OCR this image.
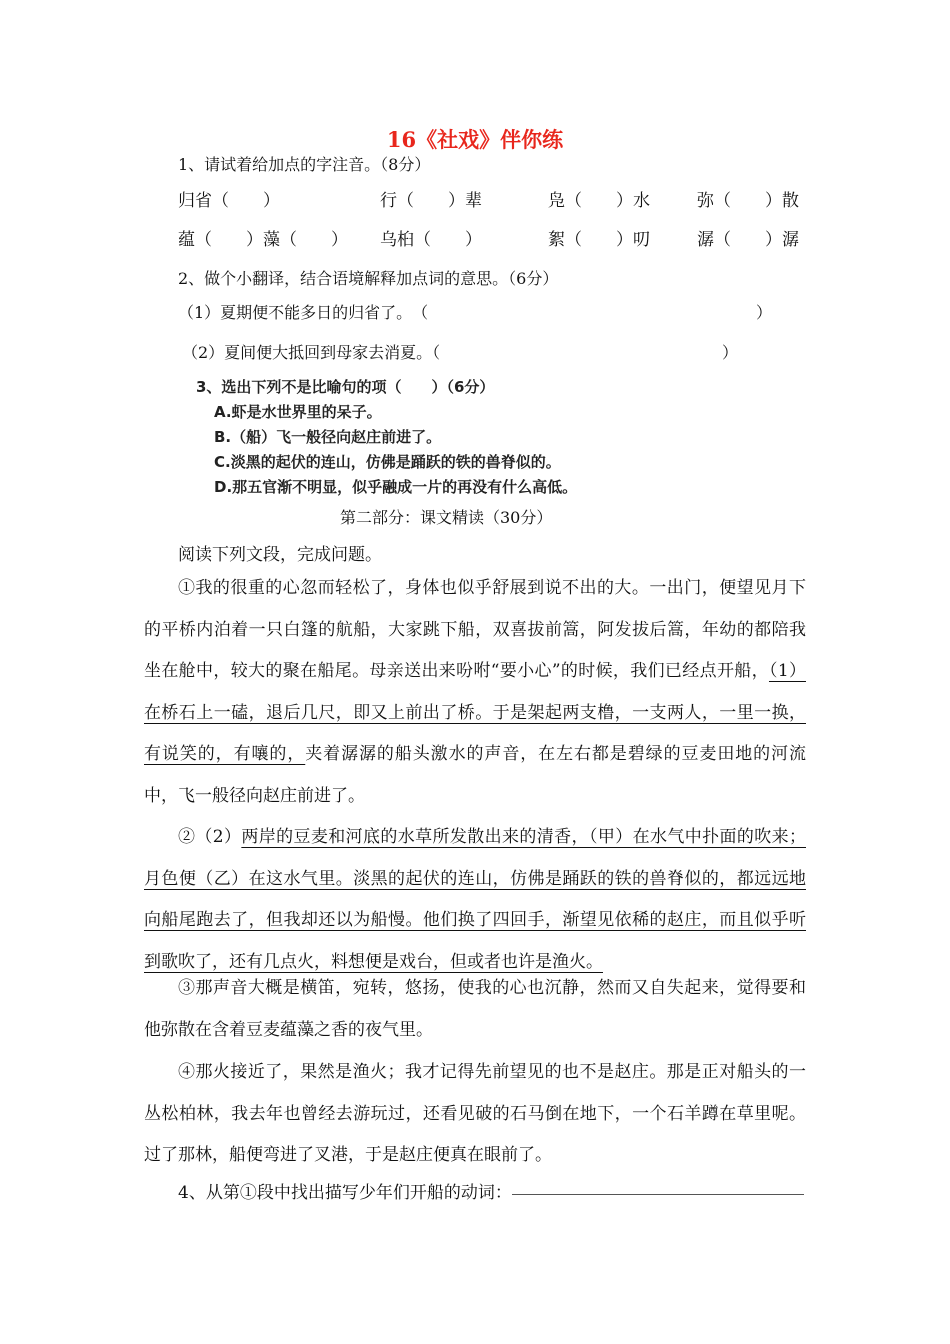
16《社戏》伴你练
1、请试着给加点的字注音。（8分）
归省（　　）	行（　　）辈	凫（　　）水	弥（　　）散
蕴（　　）藻（　　） 乌桕（　　）	絮（　　）叨	潺（　　）潺
2、做个小翻译，结合语境解释加点词的意思。（6分）
（1）夏期便不能多日的归省了。　（	）
（2）夏间便大抵回到母家去消夏。（	）
3、选出下列不是比喻句的项（　　）（6分）
A.虾是水世界里的呆子。
B.（船）飞一般径向赵庄前进了。
C.淡黑的起伏的连山，仿佛是踊跃的铁的兽脊似的。
D.那五官渐不明显，似乎融成一片的再没有什么高低。
第二部分：课文精读（30分）
阅读下列文段，完成问题。
①我的很重的心忽而轻松了，身体也似乎舒展到说不出的大。一出门，便望见月下的平桥内泊着一只白篷的航船，大家跳下船，双喜拔前篙，阿发拔后篙，年幼的都陪我坐在舱中，较大的聚在船尾。母亲送出来吩咐“要小心”的时候，我们已经点开船，（1）在桥石上一磕，退后几尺，即又上前出了桥。于是架起两支橹，一支两人，一里一换，有说笑的，有嚷的，夹着潺潺的船头激水的声音，在左右都是碧绿的豆麦田地的河流中，飞一般径向赵庄前进了。
②（2）两岸的豆麦和河底的水草所发散出来的清香，（甲）在水气中扑面的吹来；月色便（乙）在这水气里。淡黑的起伏的连山，仿佛是踊跃的铁的兽脊似的，都远远地向船尾跑去了，但我却还以为船慢。他们换了四回手，渐望见依稀的赵庄，而且似乎听到歌吹了，还有几点火，料想便是戏台，但或者也许是渔火。
③那声音大概是横笛，宛转，悠扬，使我的心也沉静，然而又自失起来，觉得要和他弥散在含着豆麦蕴藻之香的夜气里。
④那火接近了，果然是渔火；我才记得先前望见的也不是赵庄。那是正对船头的一丛松柏林，我去年也曾经去游玩过，还看见破的石马倒在地下，一个石羊蹲在草里呢。过了那林，船便弯进了叉港，于是赵庄便真在眼前了。
4、从第①段中找出描写少年们开船的动词：
